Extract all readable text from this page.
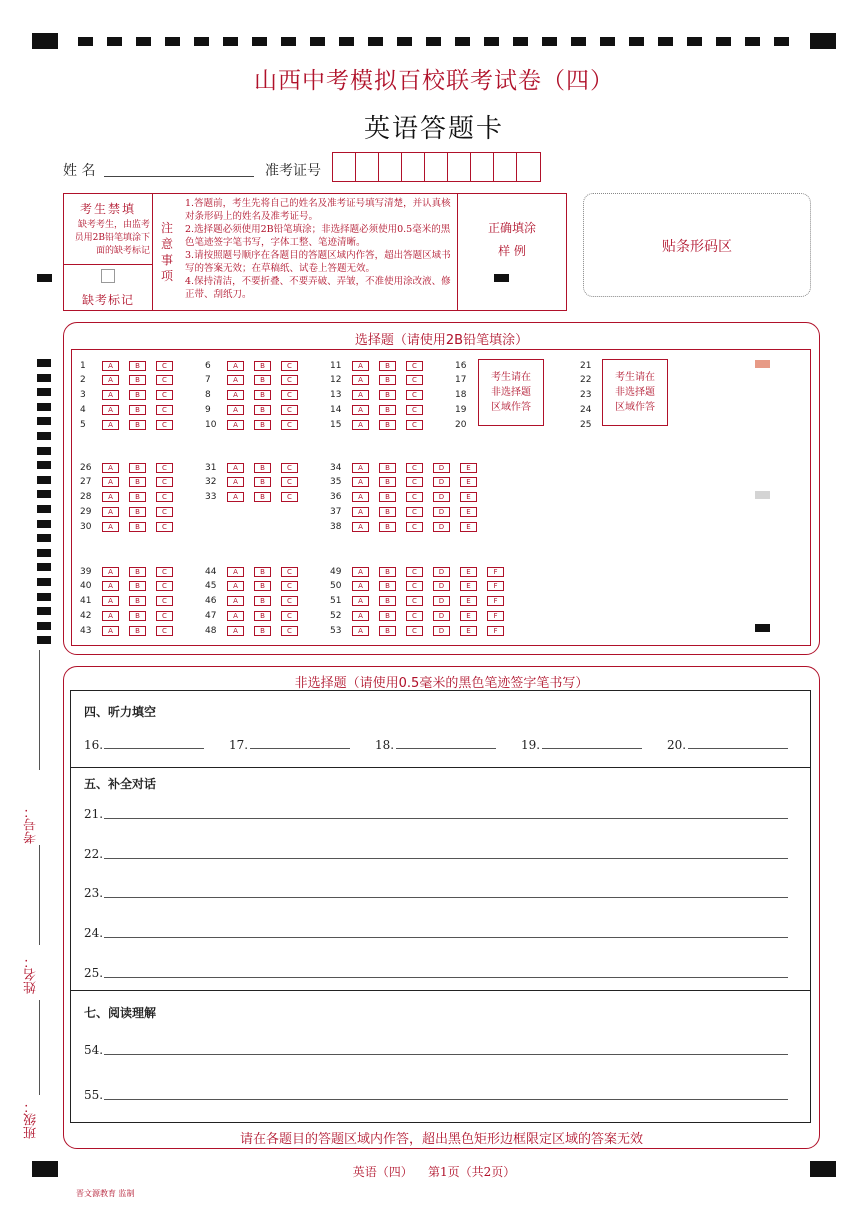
山西中考模拟百校联考试卷（四）
英语答题卡
姓 名	准考证号
考生禁填
缺考考生，由监考员用2B铅笔填涂下面的缺考标记
缺考标记
注意事项
1.答题前，考生先将自己的姓名及准考证号填写清楚，并认真核对条形码上的姓名及准考证号。
2.选择题必须使用2B铅笔填涂；非选择题必须使用0.5毫米的黑色笔迹签字笔书写，字体工整、笔迹清晰。
3.请按照题号顺序在各题目的答题区域内作答，超出答题区域书写的答案无效；在草稿纸、试卷上答题无效。
4.保持清洁，不要折叠、不要弄破、弄皱，不准使用涂改液、修正带、刮纸刀。
正确填涂
样 例	贴条形码区
选择题（请使用2B铅笔填涂）
1	A	B	C
2	A	B	C
3	A	B	C
4	A	B	C
5	A	B	C
6	A	B	C
7	A	B	C
8	A	B	C
9	A	B	C
10	A	B	C
11	A	B	C
12	A	B	C
13	A	B	C
14	A	B	C
15	A	B	C
16
17
18
19
20
21
22
23
24
25
26	A	B	C
27	A	B	C
28	A	B	C
29	A	B	C
30	A	B	C
31	A	B	C
32	A	B	C
33	A	B	C
34	A	B	C	D	E
35	A	B	C	D	E
36	A	B	C	D	E
37	A	B	C	D	E
38	A	B	C	D	E
39	A	B	C
40	A	B	C
41	A	B	C
42	A	B	C
43	A	B	C
44	A	B	C
45	A	B	C
46	A	B	C
47	A	B	C
48	A	B	C
49	A	B	C	D	E	F
50	A	B	C	D	E	F
51	A	B	C	D	E	F
52	A	B	C	D	E	F
53	A	B	C	D	E	F
考生请在
非选择题
区域作答
考生请在
非选择题
区域作答
非选择题（请使用0.5毫米的黑色笔迹签字笔书写）
请在各题目的答题区域内作答，超出黑色矩形边框限定区域的答案无效
四、听力填空
五、补全对话
七、阅读理解
16.	17.	18.	19.	20.
21.
22.
23.
24.
25.
54.
55.
考号：
姓名：
班级：
英语（四）    第1页（共2页）
晋文源教育 监制
